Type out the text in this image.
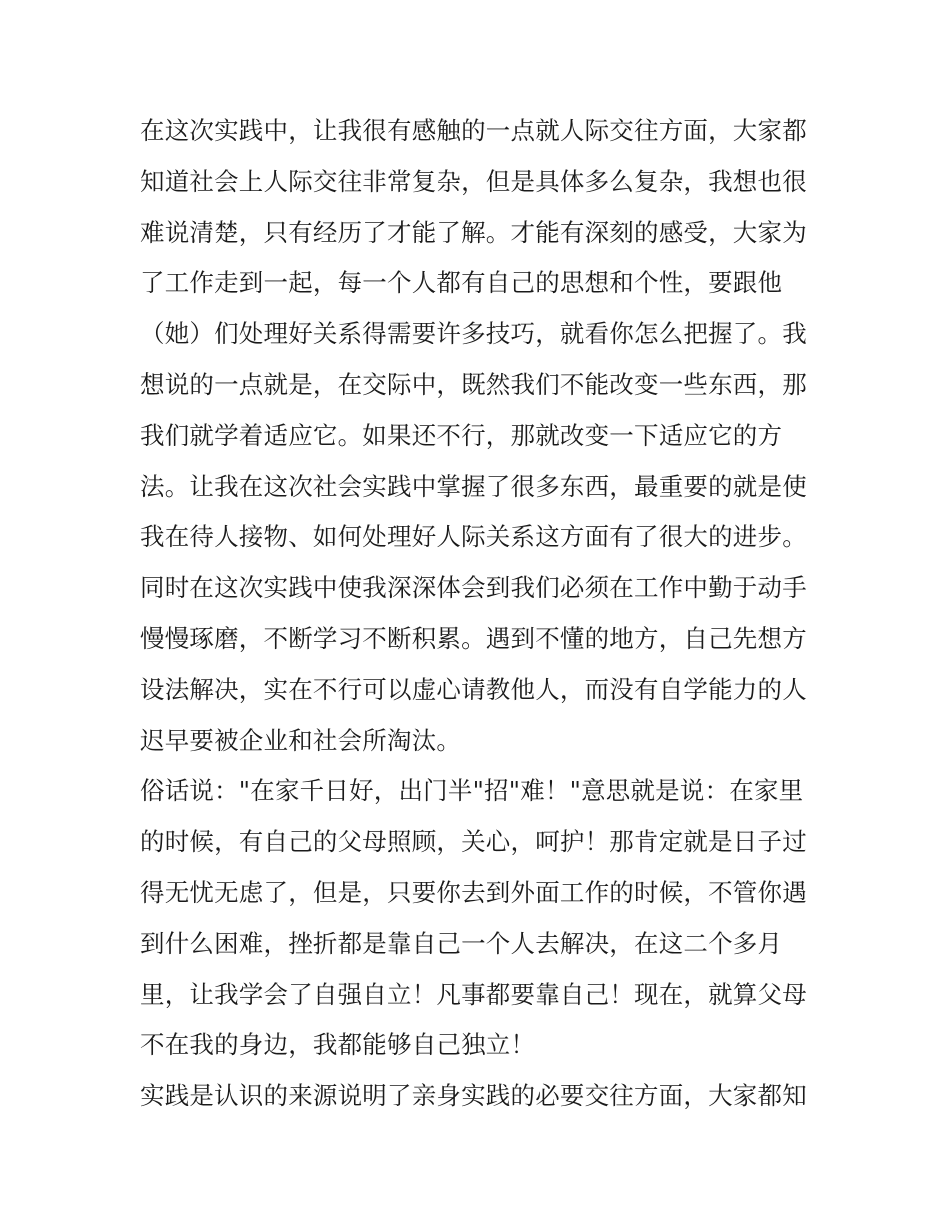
在这次实践中，让我很有感触的一点就人际交往方面，大家都
知道社会上人际交往非常复杂，但是具体多么复杂，我想也很
难说清楚，只有经历了才能了解。才能有深刻的感受，大家为
了工作走到一起，每一个人都有自己的思想和个性，要跟他
（她）们处理好关系得需要许多技巧，就看你怎么把握了。我
想说的一点就是，在交际中，既然我们不能改变一些东西，那
我们就学着适应它。如果还不行，那就改变一下适应它的方
法。让我在这次社会实践中掌握了很多东西，最重要的就是使
我在待人接物、如何处理好人际关系这方面有了很大的进步。
同时在这次实践中使我深深体会到我们必须在工作中勤于动手
慢慢琢磨，不断学习不断积累。遇到不懂的地方，自己先想方
设法解决，实在不行可以虚心请教他人，而没有自学能力的人
迟早要被企业和社会所淘汰。
俗话说："在家千日好，出门半"招"难！"意思就是说：在家里
的时候，有自己的父母照顾，关心，呵护！那肯定就是日子过
得无忧无虑了，但是，只要你去到外面工作的时候，不管你遇
到什么困难，挫折都是靠自己一个人去解决，在这二个多月
里，让我学会了自强自立！凡事都要靠自己！现在，就算父母
不在我的身边，我都能够自己独立！
实践是认识的来源说明了亲身实践的必要交往方面，大家都知
